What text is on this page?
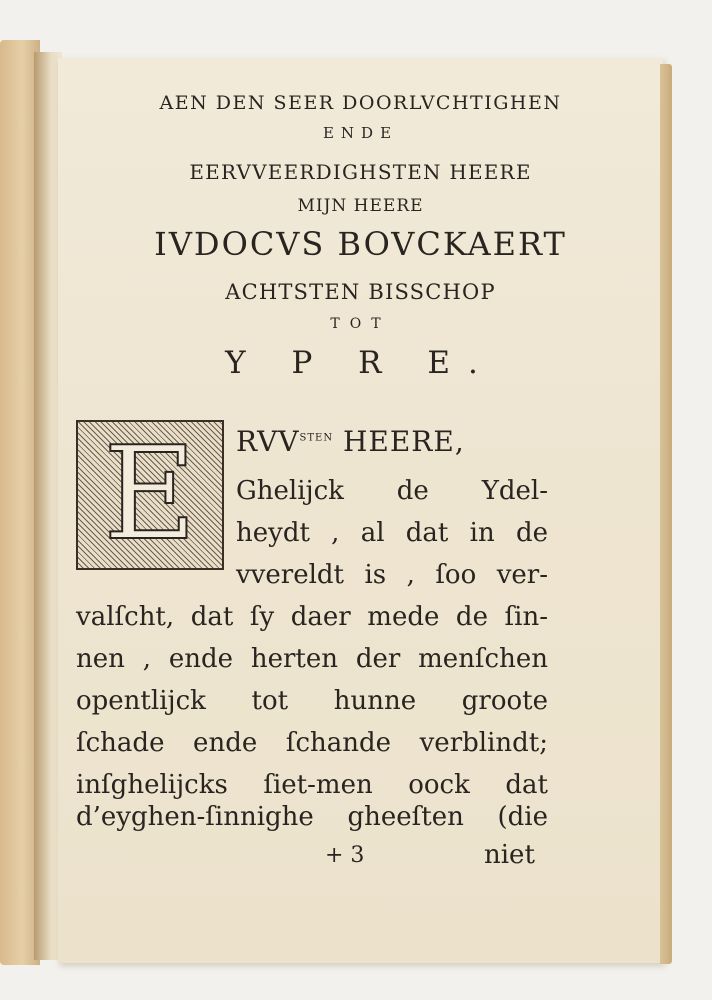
AEN DEN SEER DOORLVCHTIGHEN
ENDE
EERVVEERDIGHSTEN HEERE
MIJN HEERE
IVDOCVS BOVCKAERT
ACHTSTEN BISSCHOP
TOT
Y P R E.
E	$RVV^{STEN}$ HEERE,
Ghelijck de Ydel-
heydt , al dat in de
vvereldt is , ſoo ver-
valſcht, dat ſy daer mede de ſin-
nen , ende herten der menſchen
opentlijck tot hunne groote
ſchade ende ſchande verblindt;
inſghelijcks ſiet-men oock dat
d’eyghen-ſinnighe gheeſten (die
+ 3	niet
